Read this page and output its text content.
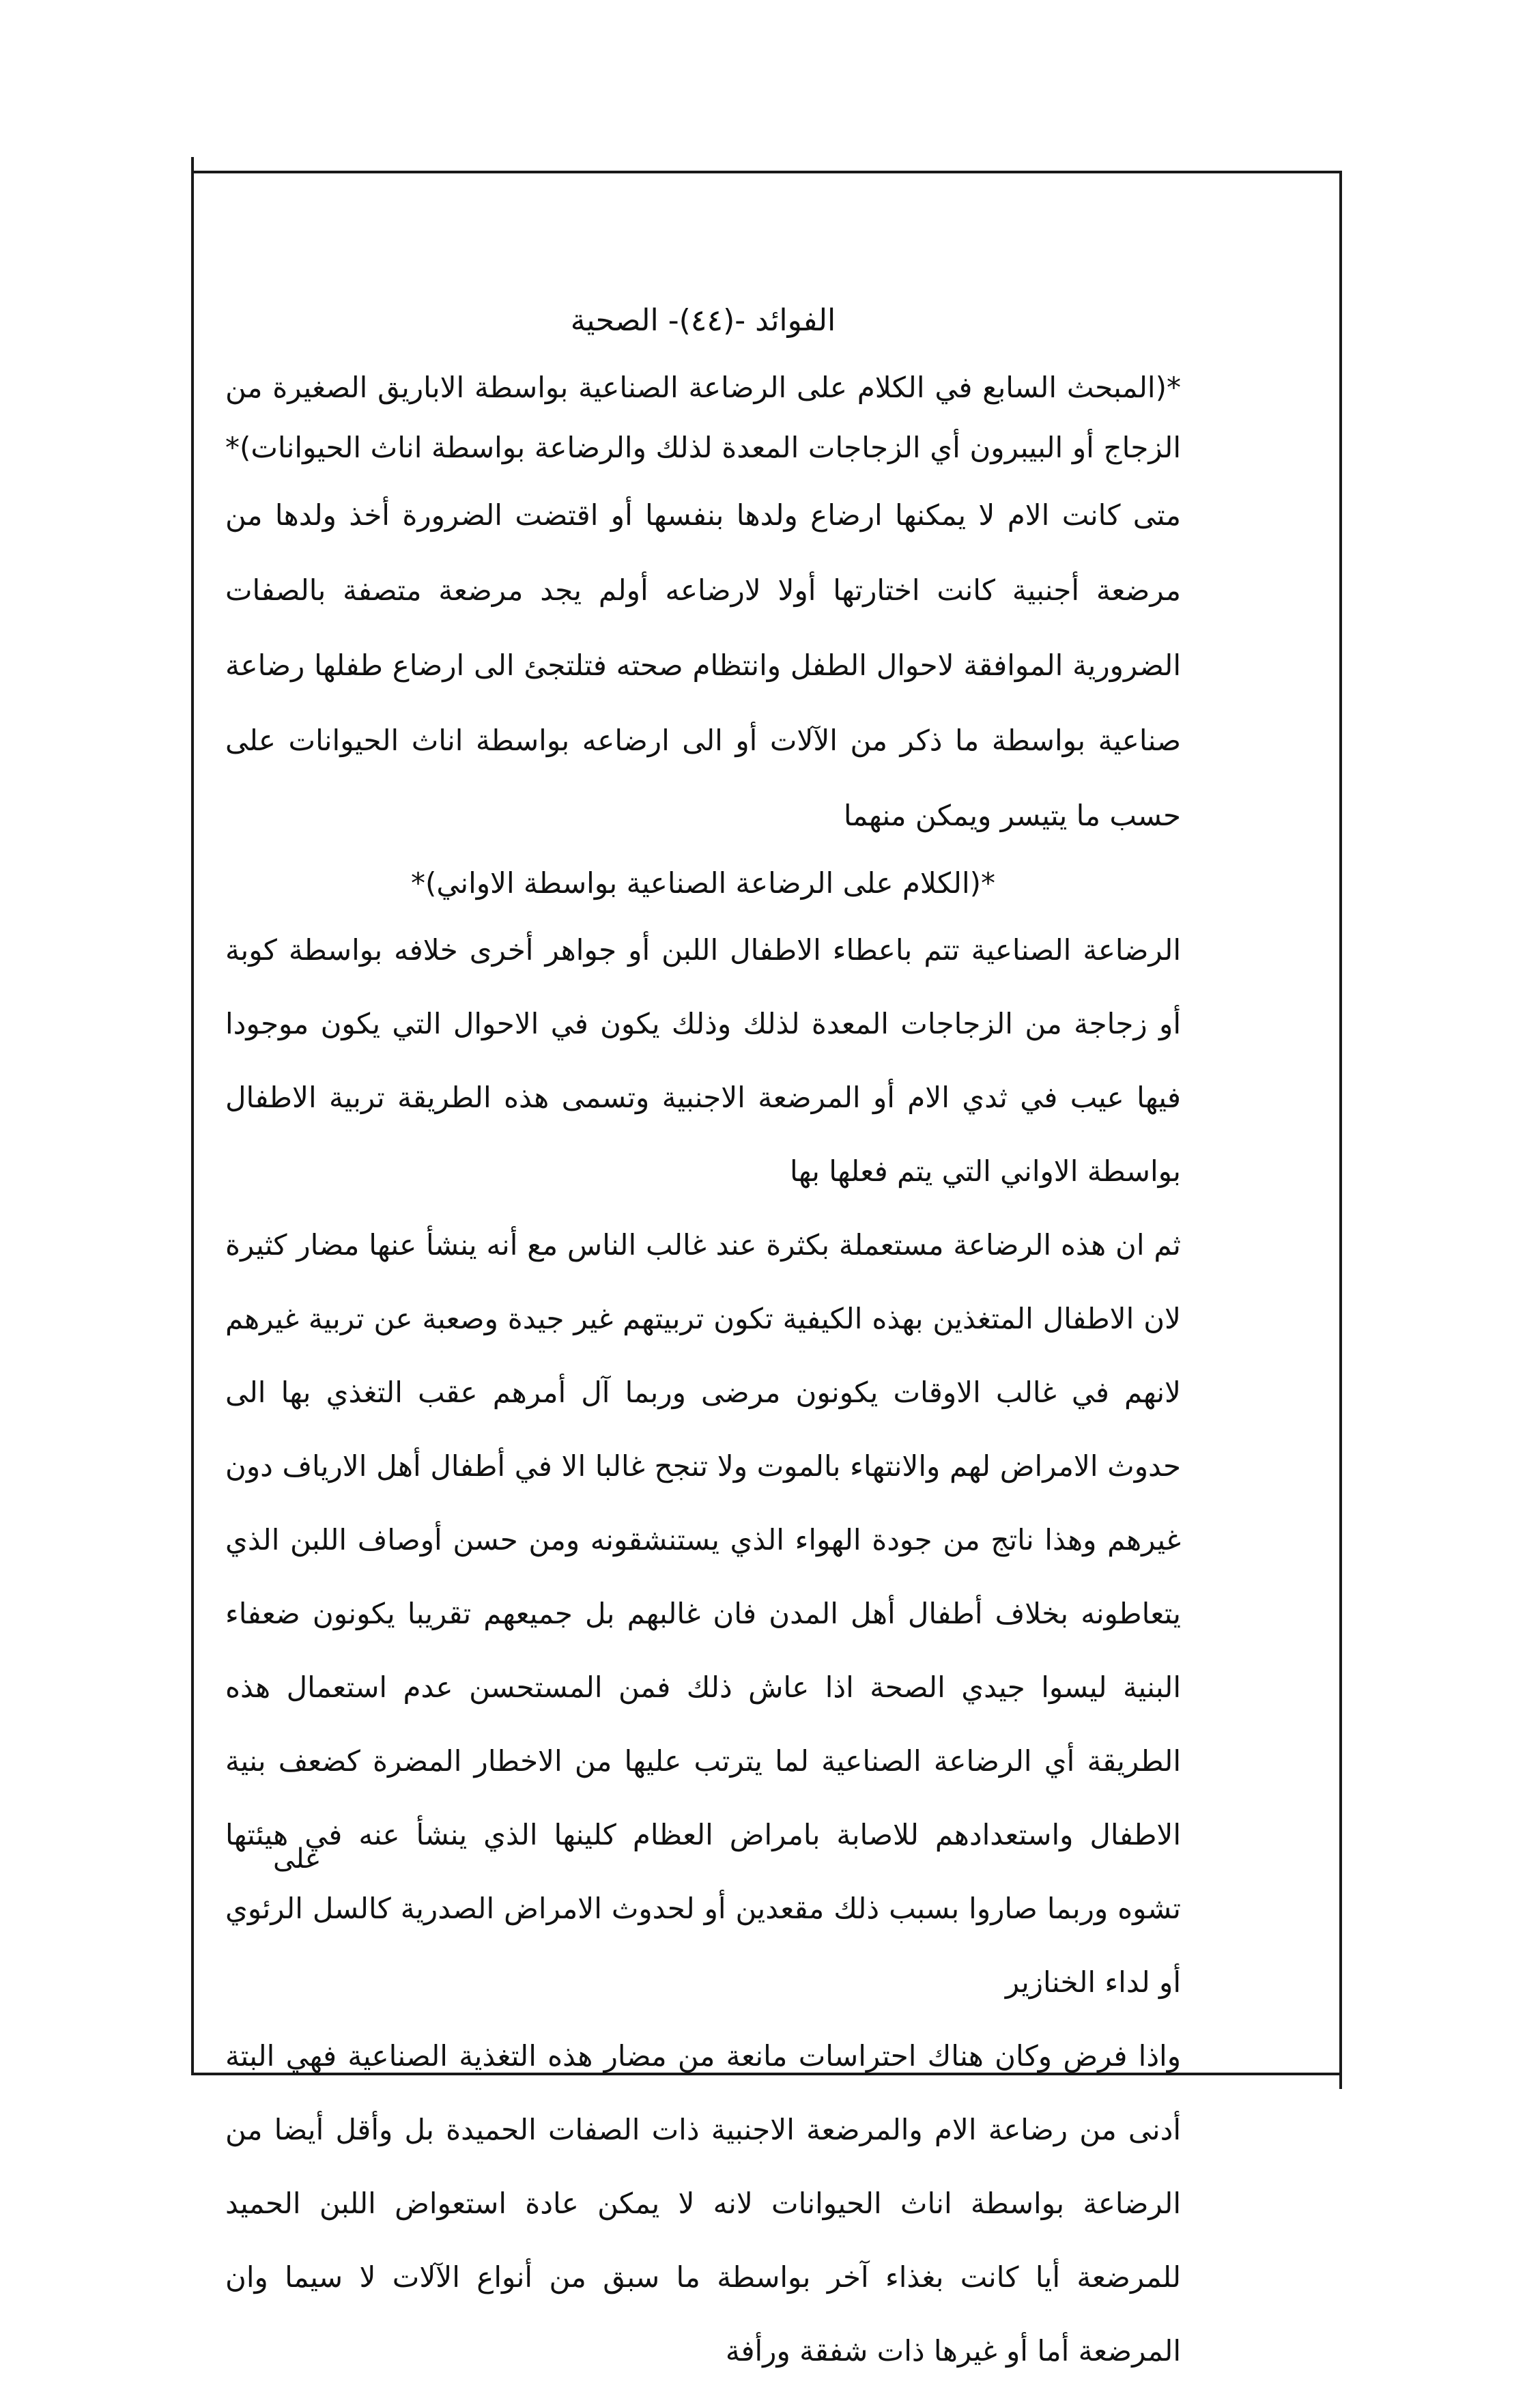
الفوائد -(٤٤)- الصحية

*(المبحث السابع في الكلام على الرضاعة الصناعية بواسطة الاباريق الصغيرة من الزجاج أو البيبرون أي الزجاجات المعدة لذلك والرضاعة بواسطة اناث الحيوانات)*

متى كانت الام لا يمكنها ارضاع ولدها بنفسها أو اقتضت الضرورة أخذ ولدها من مرضعة أجنبية كانت اختارتها أولا لارضاعه أولم يجد مرضعة متصفة بالصفات الضرورية الموافقة لاحوال الطفل وانتظام صحته فتلتجئ الى ارضاع طفلها رضاعة صناعية بواسطة ما ذكر من الآلات أو الى ارضاعه بواسطة اناث الحيوانات على حسب ما يتيسر ويمكن منهما

*(الكلام على الرضاعة الصناعية بواسطة الاواني)*

الرضاعة الصناعية تتم باعطاء الاطفال اللبن أو جواهر أخرى خلافه بواسطة كوبة أو زجاجة من الزجاجات المعدة لذلك وذلك يكون في الاحوال التي يكون موجودا فيها عيب في ثدي الام أو المرضعة الاجنبية وتسمى هذه الطريقة تربية الاطفال بواسطة الاواني التي يتم فعلها بها

ثم ان هذه الرضاعة مستعملة بكثرة عند غالب الناس مع أنه ينشأ عنها مضار كثيرة لان الاطفال المتغذين بهذه الكيفية تكون تربيتهم غير جيدة وصعبة عن تربية غيرهم لانهم في غالب الاوقات يكونون مرضى وربما آل أمرهم عقب التغذي بها الى حدوث الامراض لهم والانتهاء بالموت ولا تنجح غالبا الا في أطفال أهل الارياف دون غيرهم وهذا ناتج من جودة الهواء الذي يستنشقونه ومن حسن أوصاف اللبن الذي يتعاطونه بخلاف أطفال أهل المدن فان غالبهم بل جميعهم تقريبا يكونون ضعفاء البنية ليسوا جيدي الصحة اذا عاش ذلك فمن المستحسن عدم استعمال هذه الطريقة أي الرضاعة الصناعية لما يترتب عليها من الاخطار المضرة كضعف بنية الاطفال واستعدادهم للاصابة بامراض العظام كلينها الذي ينشأ عنه في هيئتها تشوه وربما صاروا بسبب ذلك مقعدين أو لحدوث الامراض الصدرية كالسل الرئوي أو لداء الخنازير

واذا فرض وكان هناك احتراسات مانعة من مضار هذه التغذية الصناعية فهي البتة أدنى من رضاعة الام والمرضعة الاجنبية ذات الصفات الحميدة بل وأقل أيضا من الرضاعة بواسطة اناث الحيوانات لانه لا يمكن عادة استعواض اللبن الحميد للمرضعة أيا كانت بغذاء آخر بواسطة ما سبق من أنواع الآلات لا سيما وان المرضعة أما أو غيرها ذات شفقة ورأفة

على
